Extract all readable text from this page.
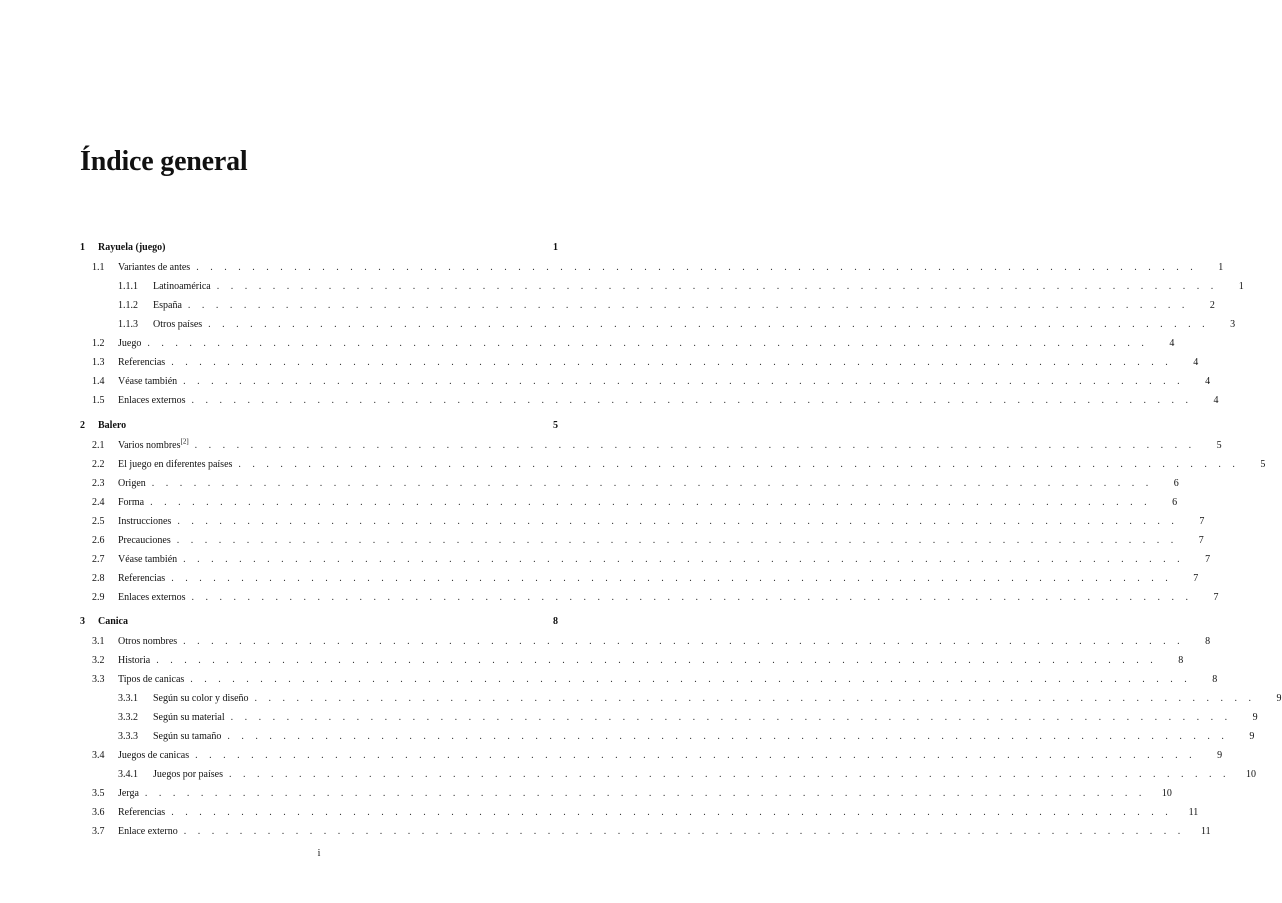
Índice general
1	Rayuela (juego)	1
1.1	Variantes de antes . . . . . . . . . . . . . . . . . . . . . . . . . . . . . . . . . . . . . . . . . . . . . . . . . . . . . . . . . . . . . . . . . . . . . . . .	1
1.1.1	Latinoamérica . . . . . . . . . . . . . . . . . . . . . . . . . . . . . . . . . . . . . . . . . . . . . . . . . . . . . . . . . . . . . . . . . . . . . . . .	1
1.1.2	España . . . . . . . . . . . . . . . . . . . . . . . . . . . . . . . . . . . . . . . . . . . . . . . . . . . . . . . . . . . . . . . . . . . . . . . .	2
1.1.3	Otros países . . . . . . . . . . . . . . . . . . . . . . . . . . . . . . . . . . . . . . . . . . . . . . . . . . . . . . . . . . . . . . . . . . . . . . . .	3
1.2	Juego . . . . . . . . . . . . . . . . . . . . . . . . . . . . . . . . . . . . . . . . . . . . . . . . . . . . . . . . . . . . . . . . . . . . . . . .	4
1.3	Referencias . . . . . . . . . . . . . . . . . . . . . . . . . . . . . . . . . . . . . . . . . . . . . . . . . . . . . . . . . . . . . . . . . . . . . . . .	4
1.4	Véase también . . . . . . . . . . . . . . . . . . . . . . . . . . . . . . . . . . . . . . . . . . . . . . . . . . . . . . . . . . . . . . . . . . . . . . . .	4
1.5	Enlaces externos . . . . . . . . . . . . . . . . . . . . . . . . . . . . . . . . . . . . . . . . . . . . . . . . . . . . . . . . . . . . . . . . . . . . . . . .	4
2	Balero	5
2.1	Varios nombres[2] . . . . . . . . . . . . . . . . . . . . . . . . . . . . . . . . . . . . . . . . . . . . . . . . . . . . . . . . . . . . . . . . . . . . . . . .	5
2.2	El juego en diferentes países . . . . . . . . . . . . . . . . . . . . . . . . . . . . . . . . . . . . . . . . . . . . . . . . . . . . . . . . . . . . . . . . . . . . . . . .	5
2.3	Origen . . . . . . . . . . . . . . . . . . . . . . . . . . . . . . . . . . . . . . . . . . . . . . . . . . . . . . . . . . . . . . . . . . . . . . . .	6
2.4	Forma . . . . . . . . . . . . . . . . . . . . . . . . . . . . . . . . . . . . . . . . . . . . . . . . . . . . . . . . . . . . . . . . . . . . . . . .	6
2.5	Instrucciones . . . . . . . . . . . . . . . . . . . . . . . . . . . . . . . . . . . . . . . . . . . . . . . . . . . . . . . . . . . . . . . . . . . . . . . .	7
2.6	Precauciones . . . . . . . . . . . . . . . . . . . . . . . . . . . . . . . . . . . . . . . . . . . . . . . . . . . . . . . . . . . . . . . . . . . . . . . .	7
2.7	Véase también . . . . . . . . . . . . . . . . . . . . . . . . . . . . . . . . . . . . . . . . . . . . . . . . . . . . . . . . . . . . . . . . . . . . . . . .	7
2.8	Referencias . . . . . . . . . . . . . . . . . . . . . . . . . . . . . . . . . . . . . . . . . . . . . . . . . . . . . . . . . . . . . . . . . . . . . . . .	7
2.9	Enlaces externos . . . . . . . . . . . . . . . . . . . . . . . . . . . . . . . . . . . . . . . . . . . . . . . . . . . . . . . . . . . . . . . . . . . . . . . .	7
3	Canica	8
3.1	Otros nombres . . . . . . . . . . . . . . . . . . . . . . . . . . . . . . . . . . . . . . . . . . . . . . . . . . . . . . . . . . . . . . . . . . . . . . . .	8
3.2	Historia . . . . . . . . . . . . . . . . . . . . . . . . . . . . . . . . . . . . . . . . . . . . . . . . . . . . . . . . . . . . . . . . . . . . . . . .	8
3.3	Tipos de canicas . . . . . . . . . . . . . . . . . . . . . . . . . . . . . . . . . . . . . . . . . . . . . . . . . . . . . . . . . . . . . . . . . . . . . . . .	8
3.3.1	Según su color y diseño . . . . . . . . . . . . . . . . . . . . . . . . . . . . . . . . . . . . . . . . . . . . . . . . . . . . . . . . . . . . . . . . . . . . . . . .	9
3.3.2	Según su material . . . . . . . . . . . . . . . . . . . . . . . . . . . . . . . . . . . . . . . . . . . . . . . . . . . . . . . . . . . . . . . . . . . . . . . .	9
3.3.3	Según su tamaño . . . . . . . . . . . . . . . . . . . . . . . . . . . . . . . . . . . . . . . . . . . . . . . . . . . . . . . . . . . . . . . . . . . . . . . .	9
3.4	Juegos de canicas . . . . . . . . . . . . . . . . . . . . . . . . . . . . . . . . . . . . . . . . . . . . . . . . . . . . . . . . . . . . . . . . . . . . . . . .	9
3.4.1	Juegos por países . . . . . . . . . . . . . . . . . . . . . . . . . . . . . . . . . . . . . . . . . . . . . . . . . . . . . . . . . . . . . . . . . . . . . . . .	10
3.5	Jerga . . . . . . . . . . . . . . . . . . . . . . . . . . . . . . . . . . . . . . . . . . . . . . . . . . . . . . . . . . . . . . . . . . . . . . . .	10
3.6	Referencias . . . . . . . . . . . . . . . . . . . . . . . . . . . . . . . . . . . . . . . . . . . . . . . . . . . . . . . . . . . . . . . . . . . . . . . .	11
3.7	Enlace externo . . . . . . . . . . . . . . . . . . . . . . . . . . . . . . . . . . . . . . . . . . . . . . . . . . . . . . . . . . . . . . . . . . . . . . . .	11
i
